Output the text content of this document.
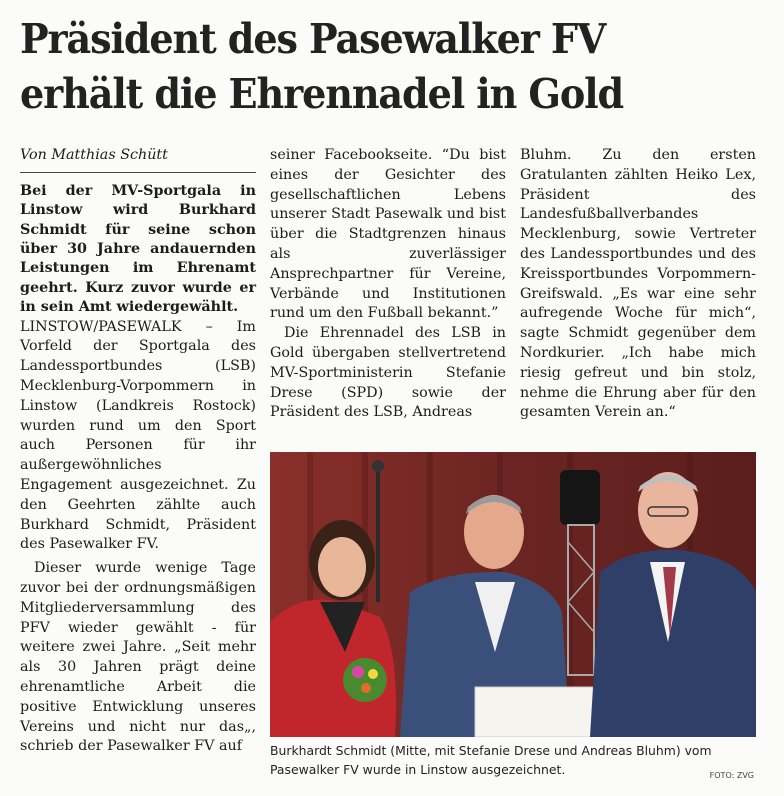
Präsident des Pasewalker FV
erhält die Ehrennadel in Gold

Von Matthias Schütt

Bei der MV-Sportgala in Linstow wird Burkhard Schmidt für seine schon über 30 Jahre andauernden Leistungen im Ehrenamt geehrt. Kurz zuvor wurde er in sein Amt wiedergewählt.

LINSTOW/PASEWALK – Im Vorfeld der Sportgala des Landessportbundes (LSB) Mecklenburg-Vorpommern in Linstow (Landkreis Rostock) wurden rund um den Sport auch Personen für ihr außergewöhnliches Engagement ausgezeichnet. Zu den Geehrten zählte auch Burkhard Schmidt, Präsident des Pasewalker FV.

Dieser wurde wenige Tage zuvor bei der ordnungsmäßigen Mitgliederversammlung des PFV wieder gewählt - für weitere zwei Jahre. „Seit mehr als 30 Jahren prägt deine ehrenamtliche Arbeit die positive Entwicklung unseres Vereins und nicht nur das„, schrieb der Pasewalker FV auf

seiner Facebookseite. “Du bist eines der Gesichter des gesellschaftlichen Lebens unserer Stadt Pasewalk und bist über die Stadtgrenzen hinaus als zuverlässiger Ansprechpartner für Vereine, Verbände und Institutionen rund um den Fußball bekannt.”

Die Ehrennadel des LSB in Gold übergaben stellvertretend MV-Sportministerin Stefanie Drese (SPD) sowie der Präsident des LSB, Andreas

Bluhm. Zu den ersten Gratulanten zählten Heiko Lex, Präsident des Landesfußballverbandes Mecklenburg, sowie Vertreter des Landessportbundes und des Kreissportbundes Vorpommern-Greifswald. „Es war eine sehr aufregende Woche für mich“, sagte Schmidt gegenüber dem Nordkurier. „Ich habe mich riesig gefreut und bin stolz, nehme die Ehrung aber für den gesamten Verein an.“

Burkhardt Schmidt (Mitte, mit Stefanie Drese und Andreas Bluhm) vom Pasewalker FV wurde in Linstow ausgezeichnet.	FOTO: ZVG
